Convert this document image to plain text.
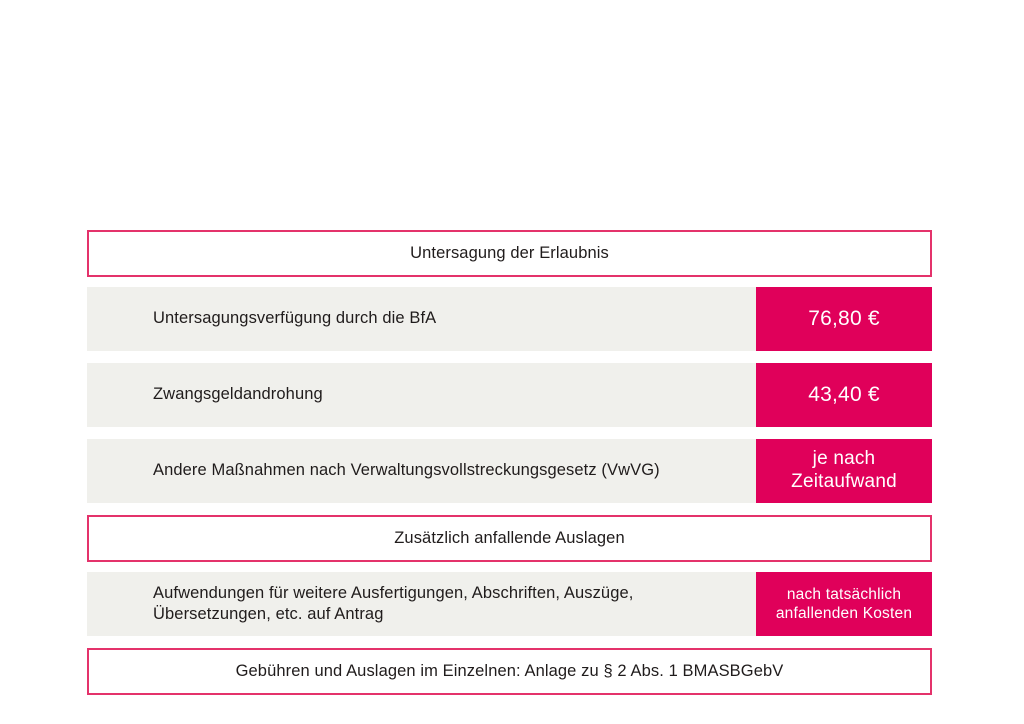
Untersagung der Erlaubnis
Untersagungsverfügung durch die BfA	76,80 €
Zwangsgeldandrohung	43,40 €
Andere Maßnahmen nach Verwaltungsvollstreckungsgesetz (VwVG)
je nach
Zeitaufwand
Zusätzlich anfallende Auslagen
Aufwendungen für weitere Ausfertigungen, Abschriften, Auszüge,
Übersetzungen, etc. auf Antrag
nach tatsächlich
anfallenden Kosten
Gebühren und Auslagen im Einzelnen: Anlage zu § 2 Abs. 1 BMASBGebV
